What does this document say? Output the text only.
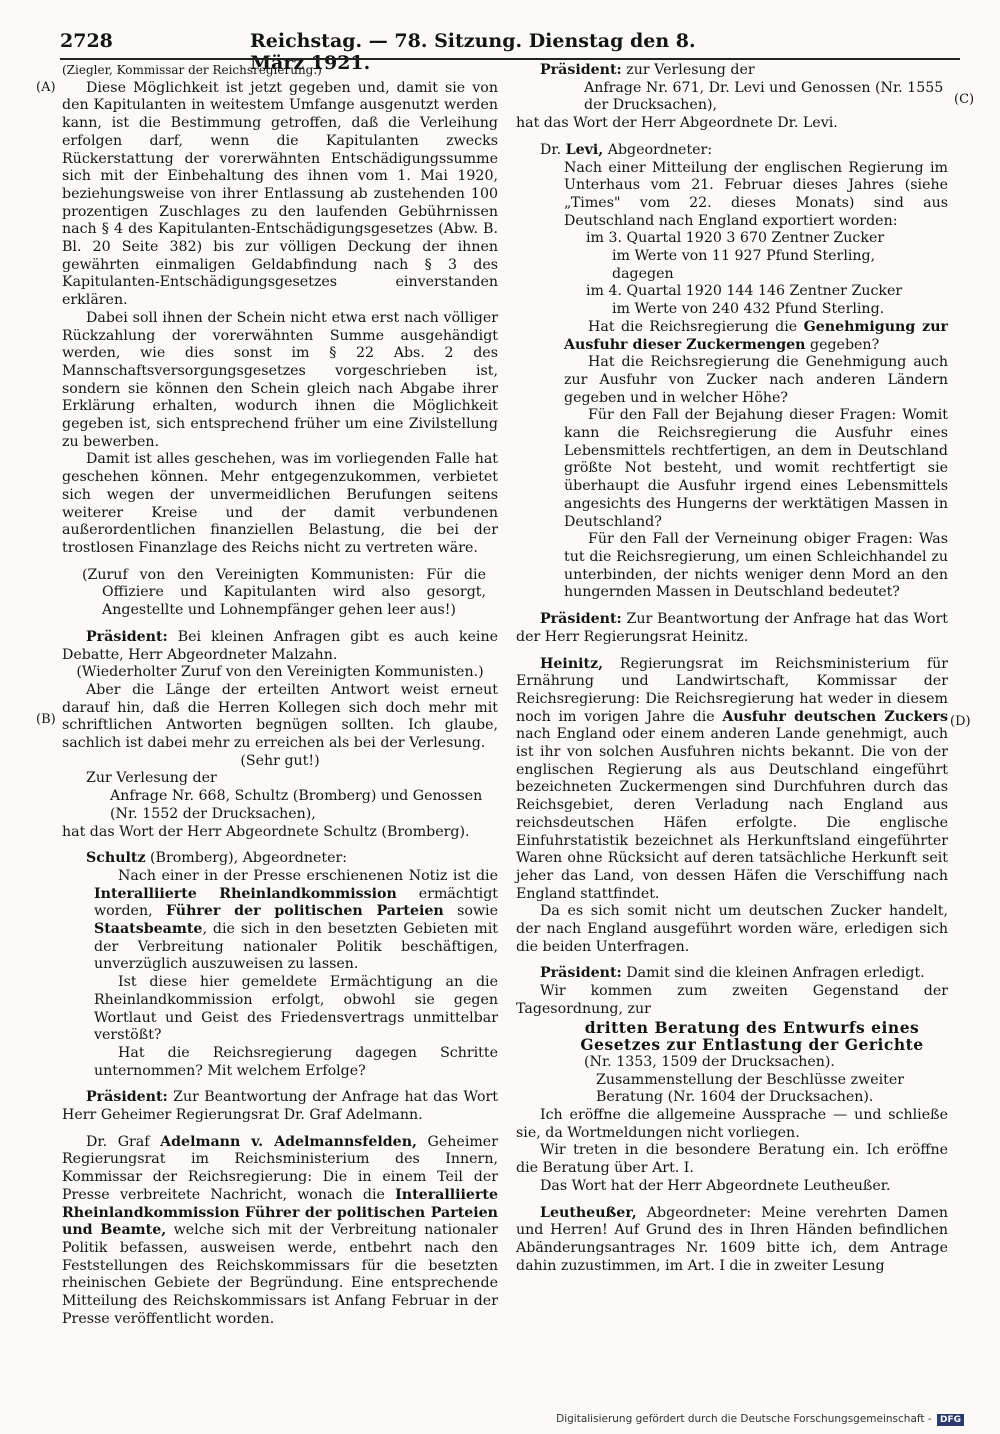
2728	Reichstag. — 78. Sitzung. Dienstag den 8. März 1921.
(A)
(B)
(C)
(D)

(Ziegler, Kommissar der Reichsregierung.)

Diese Möglichkeit ist jetzt gegeben und, damit sie von den Kapitulanten in weitestem Umfange ausgenutzt werden kann, ist die Bestimmung getroffen, daß die Verleihung erfolgen darf, wenn die Kapitulanten zwecks Rückerstattung der vorerwähnten Entschädigungssumme sich mit der Einbehaltung des ihnen vom 1. Mai 1920, beziehungsweise von ihrer Entlassung ab zustehenden 100 prozentigen Zuschlages zu den laufenden Gebührnissen nach § 4 des Kapitulanten-Entschädigungsgesetzes (Abw. B. Bl. 20 Seite 382) bis zur völligen Deckung der ihnen gewährten einmaligen Geldabfindung nach § 3 des Kapitulanten-Entschädigungsgesetzes einverstanden erklären.

Dabei soll ihnen der Schein nicht etwa erst nach völliger Rückzahlung der vorerwähnten Summe ausgehändigt werden, wie dies sonst im § 22 Abs. 2 des Mannschaftsversorgungsgesetzes vorgeschrieben ist, sondern sie können den Schein gleich nach Abgabe ihrer Erklärung erhalten, wodurch ihnen die Möglichkeit gegeben ist, sich entsprechend früher um eine Zivilstellung zu bewerben.

Damit ist alles geschehen, was im vorliegenden Falle hat geschehen können. Mehr entgegenzukommen, verbietet sich wegen der unvermeidlichen Berufungen seitens weiterer Kreise und der damit verbundenen außerordentlichen finanziellen Belastung, die bei der trostlosen Finanzlage des Reichs nicht zu vertreten wäre.

(Zuruf von den Vereinigten Kommunisten: Für die Offiziere und Kapitulanten wird also gesorgt, Angestellte und Lohnempfänger gehen leer aus!)

Präsident: Bei kleinen Anfragen gibt es auch keine Debatte, Herr Abgeordneter Malzahn.

(Wiederholter Zuruf von den Vereinigten Kommunisten.)

Aber die Länge der erteilten Antwort weist erneut darauf hin, daß die Herren Kollegen sich doch mehr mit schriftlichen Antworten begnügen sollten. Ich glaube, sachlich ist dabei mehr zu erreichen als bei der Verlesung.

(Sehr gut!)

Zur Verlesung der

Anfrage Nr. 668, Schultz (Bromberg) und Genossen (Nr. 1552 der Drucksachen),

hat das Wort der Herr Abgeordnete Schultz (Bromberg).

Schultz (Bromberg), Abgeordneter:

Nach einer in der Presse erschienenen Notiz ist die Interalliierte Rheinlandkommission ermächtigt worden, Führer der politischen Parteien sowie Staatsbeamte, die sich in den besetzten Gebieten mit der Verbreitung nationaler Politik beschäftigen, unverzüglich auszuweisen zu lassen.

Ist diese hier gemeldete Ermächtigung an die Rheinlandkommission erfolgt, obwohl sie gegen Wortlaut und Geist des Friedensvertrags unmittelbar verstößt?

Hat die Reichsregierung dagegen Schritte unternommen? Mit welchem Erfolge?

Präsident: Zur Beantwortung der Anfrage hat das Wort Herr Geheimer Regierungsrat Dr. Graf Adelmann.

Dr. Graf Adelmann v. Adelmannsfelden, Geheimer Regierungsrat im Reichsministerium des Innern, Kommissar der Reichsregierung: Die in einem Teil der Presse verbreitete Nachricht, wonach die Interalliierte Rheinlandkommission Führer der politischen Parteien und Beamte, welche sich mit der Verbreitung nationaler Politik befassen, ausweisen werde, entbehrt nach den Feststellungen des Reichskommissars für die besetzten rheinischen Gebiete der Begründung. Eine entsprechende Mitteilung des Reichskommissars ist Anfang Februar in der Presse veröffentlicht worden.

Präsident: zur Verlesung der

Anfrage Nr. 671, Dr. Levi und Genossen (Nr. 1555 der Drucksachen),

hat das Wort der Herr Abgeordnete Dr. Levi.

Dr. Levi, Abgeordneter:

Nach einer Mitteilung der englischen Regierung im Unterhaus vom 21. Februar dieses Jahres (siehe „Times" vom 22. dieses Monats) sind aus Deutschland nach England exportiert worden:

im 3. Quartal 1920 3 670 Zentner Zucker

im Werte von 11 927 Pfund Sterling,

dagegen

im 4. Quartal 1920 144 146 Zentner Zucker

im Werte von 240 432 Pfund Sterling.

Hat die Reichsregierung die Genehmigung zur Ausfuhr dieser Zuckermengen gegeben?

Hat die Reichsregierung die Genehmigung auch zur Ausfuhr von Zucker nach anderen Ländern gegeben und in welcher Höhe?

Für den Fall der Bejahung dieser Fragen: Womit kann die Reichsregierung die Ausfuhr eines Lebensmittels rechtfertigen, an dem in Deutschland größte Not besteht, und womit rechtfertigt sie überhaupt die Ausfuhr irgend eines Lebensmittels angesichts des Hungerns der werktätigen Massen in Deutschland?

Für den Fall der Verneinung obiger Fragen: Was tut die Reichsregierung, um einen Schleichhandel zu unterbinden, der nichts weniger denn Mord an den hungernden Massen in Deutschland bedeutet?

Präsident: Zur Beantwortung der Anfrage hat das Wort der Herr Regierungsrat Heinitz.

Heinitz, Regierungsrat im Reichsministerium für Ernährung und Landwirtschaft, Kommissar der Reichsregierung: Die Reichsregierung hat weder in diesem noch im vorigen Jahre die Ausfuhr deutschen Zuckers nach England oder einem anderen Lande genehmigt, auch ist ihr von solchen Ausfuhren nichts bekannt. Die von der englischen Regierung als aus Deutschland eingeführt bezeichneten Zuckermengen sind Durchfuhren durch das Reichsgebiet, deren Verladung nach England aus reichsdeutschen Häfen erfolgte. Die englische Einfuhrstatistik bezeichnet als Herkunftsland eingeführter Waren ohne Rücksicht auf deren tatsächliche Herkunft seit jeher das Land, von dessen Häfen die Verschiffung nach England stattfindet.

Da es sich somit nicht um deutschen Zucker handelt, der nach England ausgeführt worden wäre, erledigen sich die beiden Unterfragen.

Präsident: Damit sind die kleinen Anfragen erledigt.

Wir kommen zum zweiten Gegenstand der Tagesordnung, zur

dritten Beratung des Entwurfs eines Gesetzes zur Entlastung der Gerichte

(Nr. 1353, 1509 der Drucksachen).

Zusammenstellung der Beschlüsse zweiter Beratung (Nr. 1604 der Drucksachen).

Ich eröffne die allgemeine Aussprache — und schließe sie, da Wortmeldungen nicht vorliegen.

Wir treten in die besondere Beratung ein. Ich eröffne die Beratung über Art. I.

Das Wort hat der Herr Abgeordnete Leutheußer.

Leutheußer, Abgeordneter: Meine verehrten Damen und Herren! Auf Grund des in Ihren Händen befindlichen Abänderungsantrages Nr. 1609 bitte ich, dem Antrage dahin zuzustimmen, im Art. I die in zweiter Lesung

Digitalisierung gefördert durch die Deutsche Forschungsgemeinschaft - DFG
